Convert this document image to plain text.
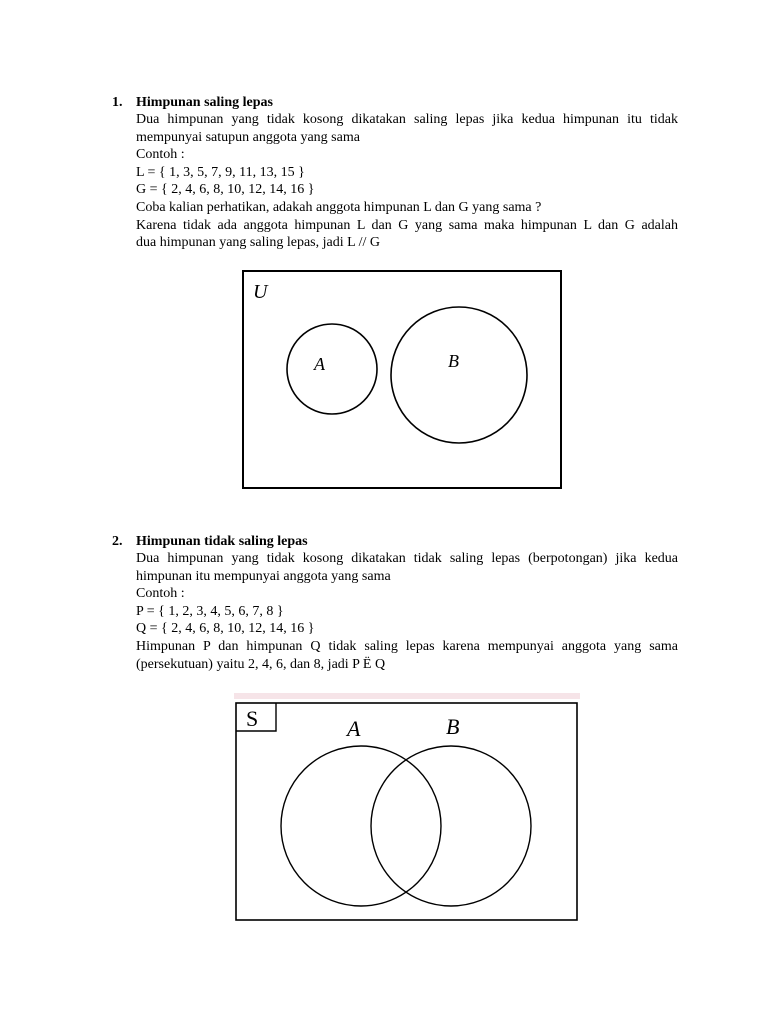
1. Himpunan saling lepas
Dua himpunan yang tidak kosong dikatakan saling lepas jika kedua himpunan itu tidak
mempunyai satupun anggota yang sama
Contoh :
L = { 1, 3, 5, 7, 9, 11, 13, 15 }
G = { 2, 4, 6, 8, 10, 12, 14, 16 }
Coba kalian perhatikan, adakah anggota himpunan L dan G yang sama ?
Karena tidak ada anggota himpunan L dan G yang sama maka himpunan L dan G adalah
dua himpunan yang saling lepas, jadi L // G
U
A	B
2. Himpunan tidak saling lepas
Dua himpunan yang tidak kosong dikatakan tidak saling lepas (berpotongan) jika kedua
himpunan itu mempunyai anggota yang sama
Contoh :
P = { 1, 2, 3, 4, 5, 6, 7, 8 }
Q = { 2, 4, 6, 8, 10, 12, 14, 16 }
Himpunan P dan himpunan Q tidak saling lepas karena mempunyai anggota yang sama
(persekutuan) yaitu 2, 4, 6, dan 8, jadi P Ë Q
S	A	B
